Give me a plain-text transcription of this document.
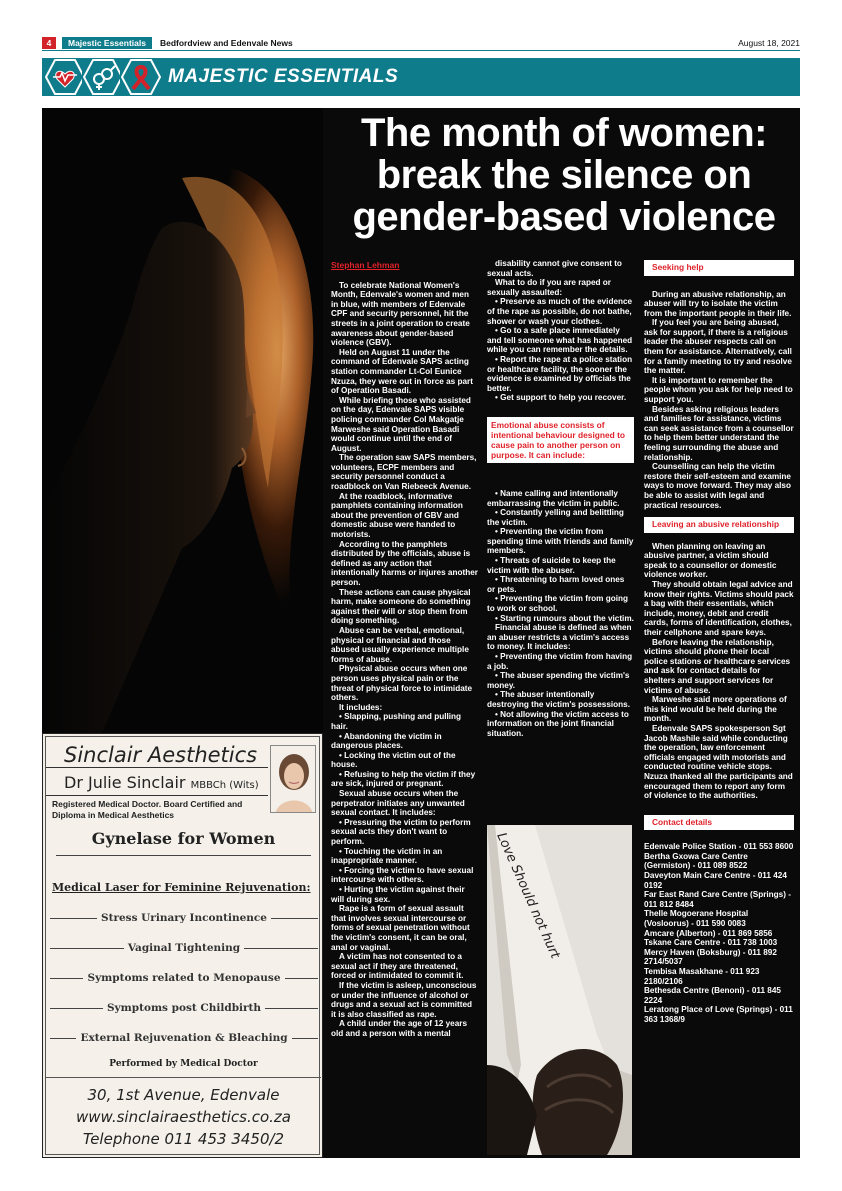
4	Majestic Essentials	Bedfordview and Edenvale News	August 18, 2021
MAJESTIC ESSENTIALS
The month of women: break the silence on gender-based violence

Stephan Lehman

To celebrate National Women's Month, Edenvale's women and men in blue, with members of Edenvale CPF and security personnel, hit the streets in a joint operation to create awareness about gender-based violence (GBV).

Held on August 11 under the command of Edenvale SAPS acting station commander Lt-Col Eunice Nzuza, they were out in force as part of Operation Basadi.

While briefing those who assisted on the day, Edenvale SAPS visible policing commander Col Makgatje Marweshe said Operation Basadi would continue until the end of August.

The operation saw SAPS members, volunteers, ECPF members and security personnel conduct a roadblock on Van Riebeeck Avenue.

At the roadblock, informative pamphlets containing information about the prevention of GBV and domestic abuse were handed to motorists.

According to the pamphlets distributed by the officials, abuse is defined as any action that intentionally harms or injures another person.

These actions can cause physical harm, make someone do something against their will or stop them from doing something.

Abuse can be verbal, emotional, physical or financial and those abused usually experience multiple forms of abuse.

Physical abuse occurs when one person uses physical pain or the threat of physical force to intimidate others.

It includes:

• Slapping, pushing and pulling hair.

• Abandoning the victim in dangerous places.

• Locking the victim out of the house.

• Refusing to help the victim if they are sick, injured or pregnant.

Sexual abuse occurs when the perpetrator initiates any unwanted sexual contact. It includes:

• Pressuring the victim to perform sexual acts they don't want to perform.

• Touching the victim in an inappropriate manner.

• Forcing the victim to have sexual intercourse with others.

• Hurting the victim against their will during sex.

Rape is a form of sexual assault that involves sexual intercourse or forms of sexual penetration without the victim's consent, it can be oral, anal or vaginal.

A victim has not consented to a sexual act if they are threatened, forced or intimidated to commit it.

If the victim is asleep, unconscious or under the influence of alcohol or drugs and a sexual act is committed it is also classified as rape.

A child under the age of 12 years old and a person with a mental

disability cannot give consent to sexual acts.

What to do if you are raped or sexually assaulted:

• Preserve as much of the evidence of the rape as possible, do not bathe, shower or wash your clothes.

• Go to a safe place immediately and tell someone what has happened while you can remember the details.

• Report the rape at a police station or healthcare facility, the sooner the evidence is examined by officials the better.

• Get support to help you recover.

Emotional abuse consists of intentional behaviour designed to cause pain to another person on purpose. It can include:

• Name calling and intentionally embarrassing the victim in public.

• Constantly yelling and belittling the victim.

• Preventing the victim from spending time with friends and family members.

• Threats of suicide to keep the victim with the abuser.

• Threatening to harm loved ones or pets.

• Preventing the victim from going to work or school.

• Starting rumours about the victim.

Financial abuse is defined as when an abuser restricts a victim's access to money. It includes:

• Preventing the victim from having a job.

• The abuser spending the victim's money.

• The abuser intentionally destroying the victim's possessions.

• Not allowing the victim access to information on the joint financial situation.

Love Should not hurt
Seeking help

During an abusive relationship, an abuser will try to isolate the victim from the important people in their life.

If you feel you are being abused, ask for support, if there is a religious leader the abuser respects call on them for assistance. Alternatively, call for a family meeting to try and resolve the matter.

It is important to remember the people whom you ask for help need to support you.

Besides asking religious leaders and families for assistance, victims can seek assistance from a counsellor to help them better understand the feeling surrounding the abuse and relationship.

Counselling can help the victim restore their self-esteem and examine ways to move forward. They may also be able to assist with legal and practical resources.

Leaving an abusive relationship

When planning on leaving an abusive partner, a victim should speak to a counsellor or domestic violence worker.

They should obtain legal advice and know their rights. Victims should pack a bag with their essentials, which include, money, debit and credit cards, forms of identification, clothes, their cellphone and spare keys.

Before leaving the relationship, victims should phone their local police stations or healthcare services and ask for contact details for shelters and support services for victims of abuse.

Marweshe said more operations of this kind would be held during the month.

Edenvale SAPS spokesperson Sgt Jacob Mashile said while conducting the operation, law enforcement officials engaged with motorists and conducted routine vehicle stops. Nzuza thanked all the participants and encouraged them to report any form of violence to the authorities.

Contact details

Edenvale Police Station - 011 553 8600

Bertha Gxowa Care Centre (Germiston) - 011 089 8522

Daveyton Main Care Centre - 011 424 0192

Far East Rand Care Centre (Springs) - 011 812 8484

Thelle Mogoerane Hospital (Vosloorus) - 011 590 0083

Amcare (Alberton) - 011 869 5856

Tskane Care Centre - 011 738 1003

Mercy Haven (Boksburg) - 011 892 2714/5037

Tembisa Masakhane - 011 923 2180/2106

Bethesda Centre (Benoni) - 011 845 2224

Leratong Place of Love (Springs) - 011 363 1368/9

Sinclair Aesthetics
Dr Julie Sinclair MBBCh (Wits)
Registered Medical Doctor. Board Certified and Diploma in Medical Aesthetics
Gynelase for Women
Medical Laser for Feminine Rejuvenation:
Stress Urinary Incontinence
Vaginal Tightening
Symptoms related to Menopause
Symptoms post Childbirth
External Rejuvenation & Bleaching
Performed by Medical Doctor
30, 1st Avenue, Edenvale
www.sinclairaesthetics.co.za
Telephone 011 453 3450/2
